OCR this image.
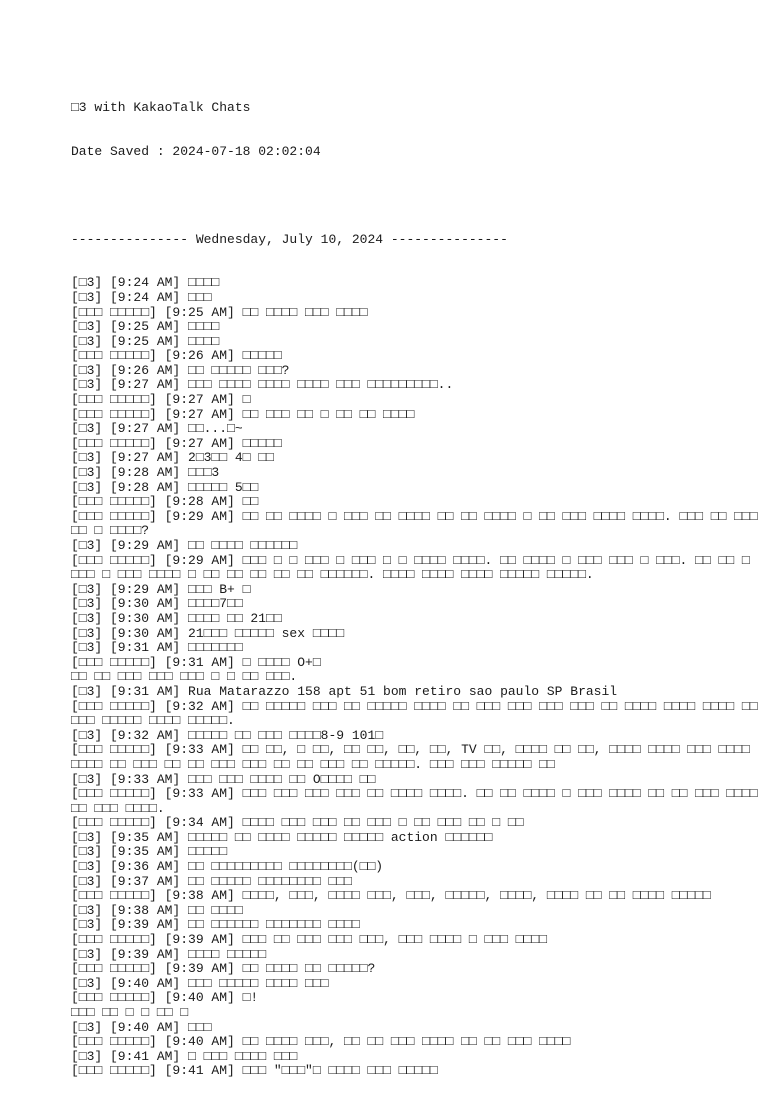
□3 with KakaoTalk Chats

Date Saved : 2024-07-18 02:02:04

--------------- Wednesday, July 10, 2024 ---------------

[□3] [9:24 AM] □□□□
[□3] [9:24 AM] □□□
[□□□ □□□□□] [9:25 AM] □□ □□□□ □□□ □□□□
[□3] [9:25 AM] □□□□
[□3] [9:25 AM] □□□□
[□□□ □□□□□] [9:26 AM] □□□□□
[□3] [9:26 AM] □□ □□□□□ □□□?
[□3] [9:27 AM] □□□ □□□□ □□□□ □□□□ □□□ □□□□□□□□□..
[□□□ □□□□□] [9:27 AM] □
[□□□ □□□□□] [9:27 AM] □□ □□□ □□ □ □□ □□ □□□□
[□3] [9:27 AM] □□...□~
[□□□ □□□□□] [9:27 AM] □□□□□
[□3] [9:27 AM] 2□3□□ 4□ □□
[□3] [9:28 AM] □□□3
[□3] [9:28 AM] □□□□□ 5□□
[□□□ □□□□□] [9:28 AM] □□
[□□□ □□□□□] [9:29 AM] □□ □□ □□□□ □ □□□ □□ □□□□ □□ □□ □□□□ □ □□ □□□ □□□□ □□□□. □□□ □□ □□□ □□ □ □□□□?
[□3] [9:29 AM] □□ □□□□ □□□□□□
[□□□ □□□□□] [9:29 AM] □□□ □ □ □□□ □ □□□ □ □ □□□□ □□□□. □□ □□□□ □ □□□ □□□ □ □□□. □□ □□ □ □□□ □ □□□ □□□□ □ □□ □□ □□ □□ □□ □□□□□□. □□□□ □□□□ □□□□ □□□□□ □□□□□.
[□3] [9:29 AM] □□□ B+ □
[□3] [9:30 AM] □□□□7□□
[□3] [9:30 AM] □□□□ □□ 21□□
[□3] [9:30 AM] 21□□□ □□□□□ sex □□□□
[□3] [9:31 AM] □□□□□□□
[□□□ □□□□□] [9:31 AM] □ □□□□ O+□
□□ □□ □□□ □□□ □□□ □ □ □□ □□□.
[□3] [9:31 AM] Rua Matarazzo 158 apt 51 bom retiro sao paulo SP Brasil
[□□□ □□□□□] [9:32 AM] □□ □□□□□ □□□ □□ □□□□□ □□□□ □□ □□□ □□□ □□□ □□□ □□ □□□□ □□□□ □□□□ □□□□□ □□□□□ □□□□ □□□□□.
[□3] [9:32 AM] □□□□□ □□ □□□ □□□□8-9 101□
[□□□ □□□□□] [9:33 AM] □□ □□, □ □□, □□ □□, □□, □□, TV □□, □□□□ □□ □□, □□□□ □□□□ □□□ □□□□ □□□□ □□ □□□ □□ □□ □□□ □□□ □□ □□ □□□ □□ □□□□□. □□□ □□□ □□□□□ □□
[□3] [9:33 AM] □□□ □□□ □□□□ □□ O□□□□ □□
[□□□ □□□□□] [9:33 AM] □□□ □□□ □□□ □□□ □□ □□□□ □□□□. □□ □□ □□□□ □ □□□ □□□□ □□ □□ □□□ □□□□ □□ □□□ □□□□.
[□□□ □□□□□] [9:34 AM] □□□□ □□□ □□□ □□ □□□ □ □□ □□□ □□ □ □□
[□3] [9:35 AM] □□□□□ □□ □□□□ □□□□□ □□□□□ action □□□□□□
[□3] [9:35 AM] □□□□□
[□3] [9:36 AM] □□ □□□□□□□□□ □□□□□□□□(□□)
[□3] [9:37 AM] □□ □□□□□ □□□□□□□□ □□□
[□□□ □□□□□] [9:38 AM] □□□□, □□□, □□□□ □□□, □□□, □□□□□, □□□□, □□□□ □□ □□ □□□□ □□□□□
[□3] [9:38 AM] □□ □□□□
[□3] [9:39 AM] □□ □□□□□□ □□□□□□□ □□□□
[□□□ □□□□□] [9:39 AM] □□□ □□ □□□ □□□ □□□, □□□ □□□□ □ □□□ □□□□
[□3] [9:39 AM] □□□□ □□□□□
[□□□ □□□□□] [9:39 AM] □□ □□□□ □□ □□□□□?
[□3] [9:40 AM] □□□ □□□□□ □□□□ □□□
[□□□ □□□□□] [9:40 AM] □!
□□□ □□ □ □ □□ □
[□3] [9:40 AM] □□□
[□□□ □□□□□] [9:40 AM] □□ □□□□ □□□, □□ □□ □□□ □□□□ □□ □□ □□□ □□□□
[□3] [9:41 AM] □ □□□ □□□□ □□□
[□□□ □□□□□] [9:41 AM] □□□ "□□□"□ □□□□ □□□ □□□□□
